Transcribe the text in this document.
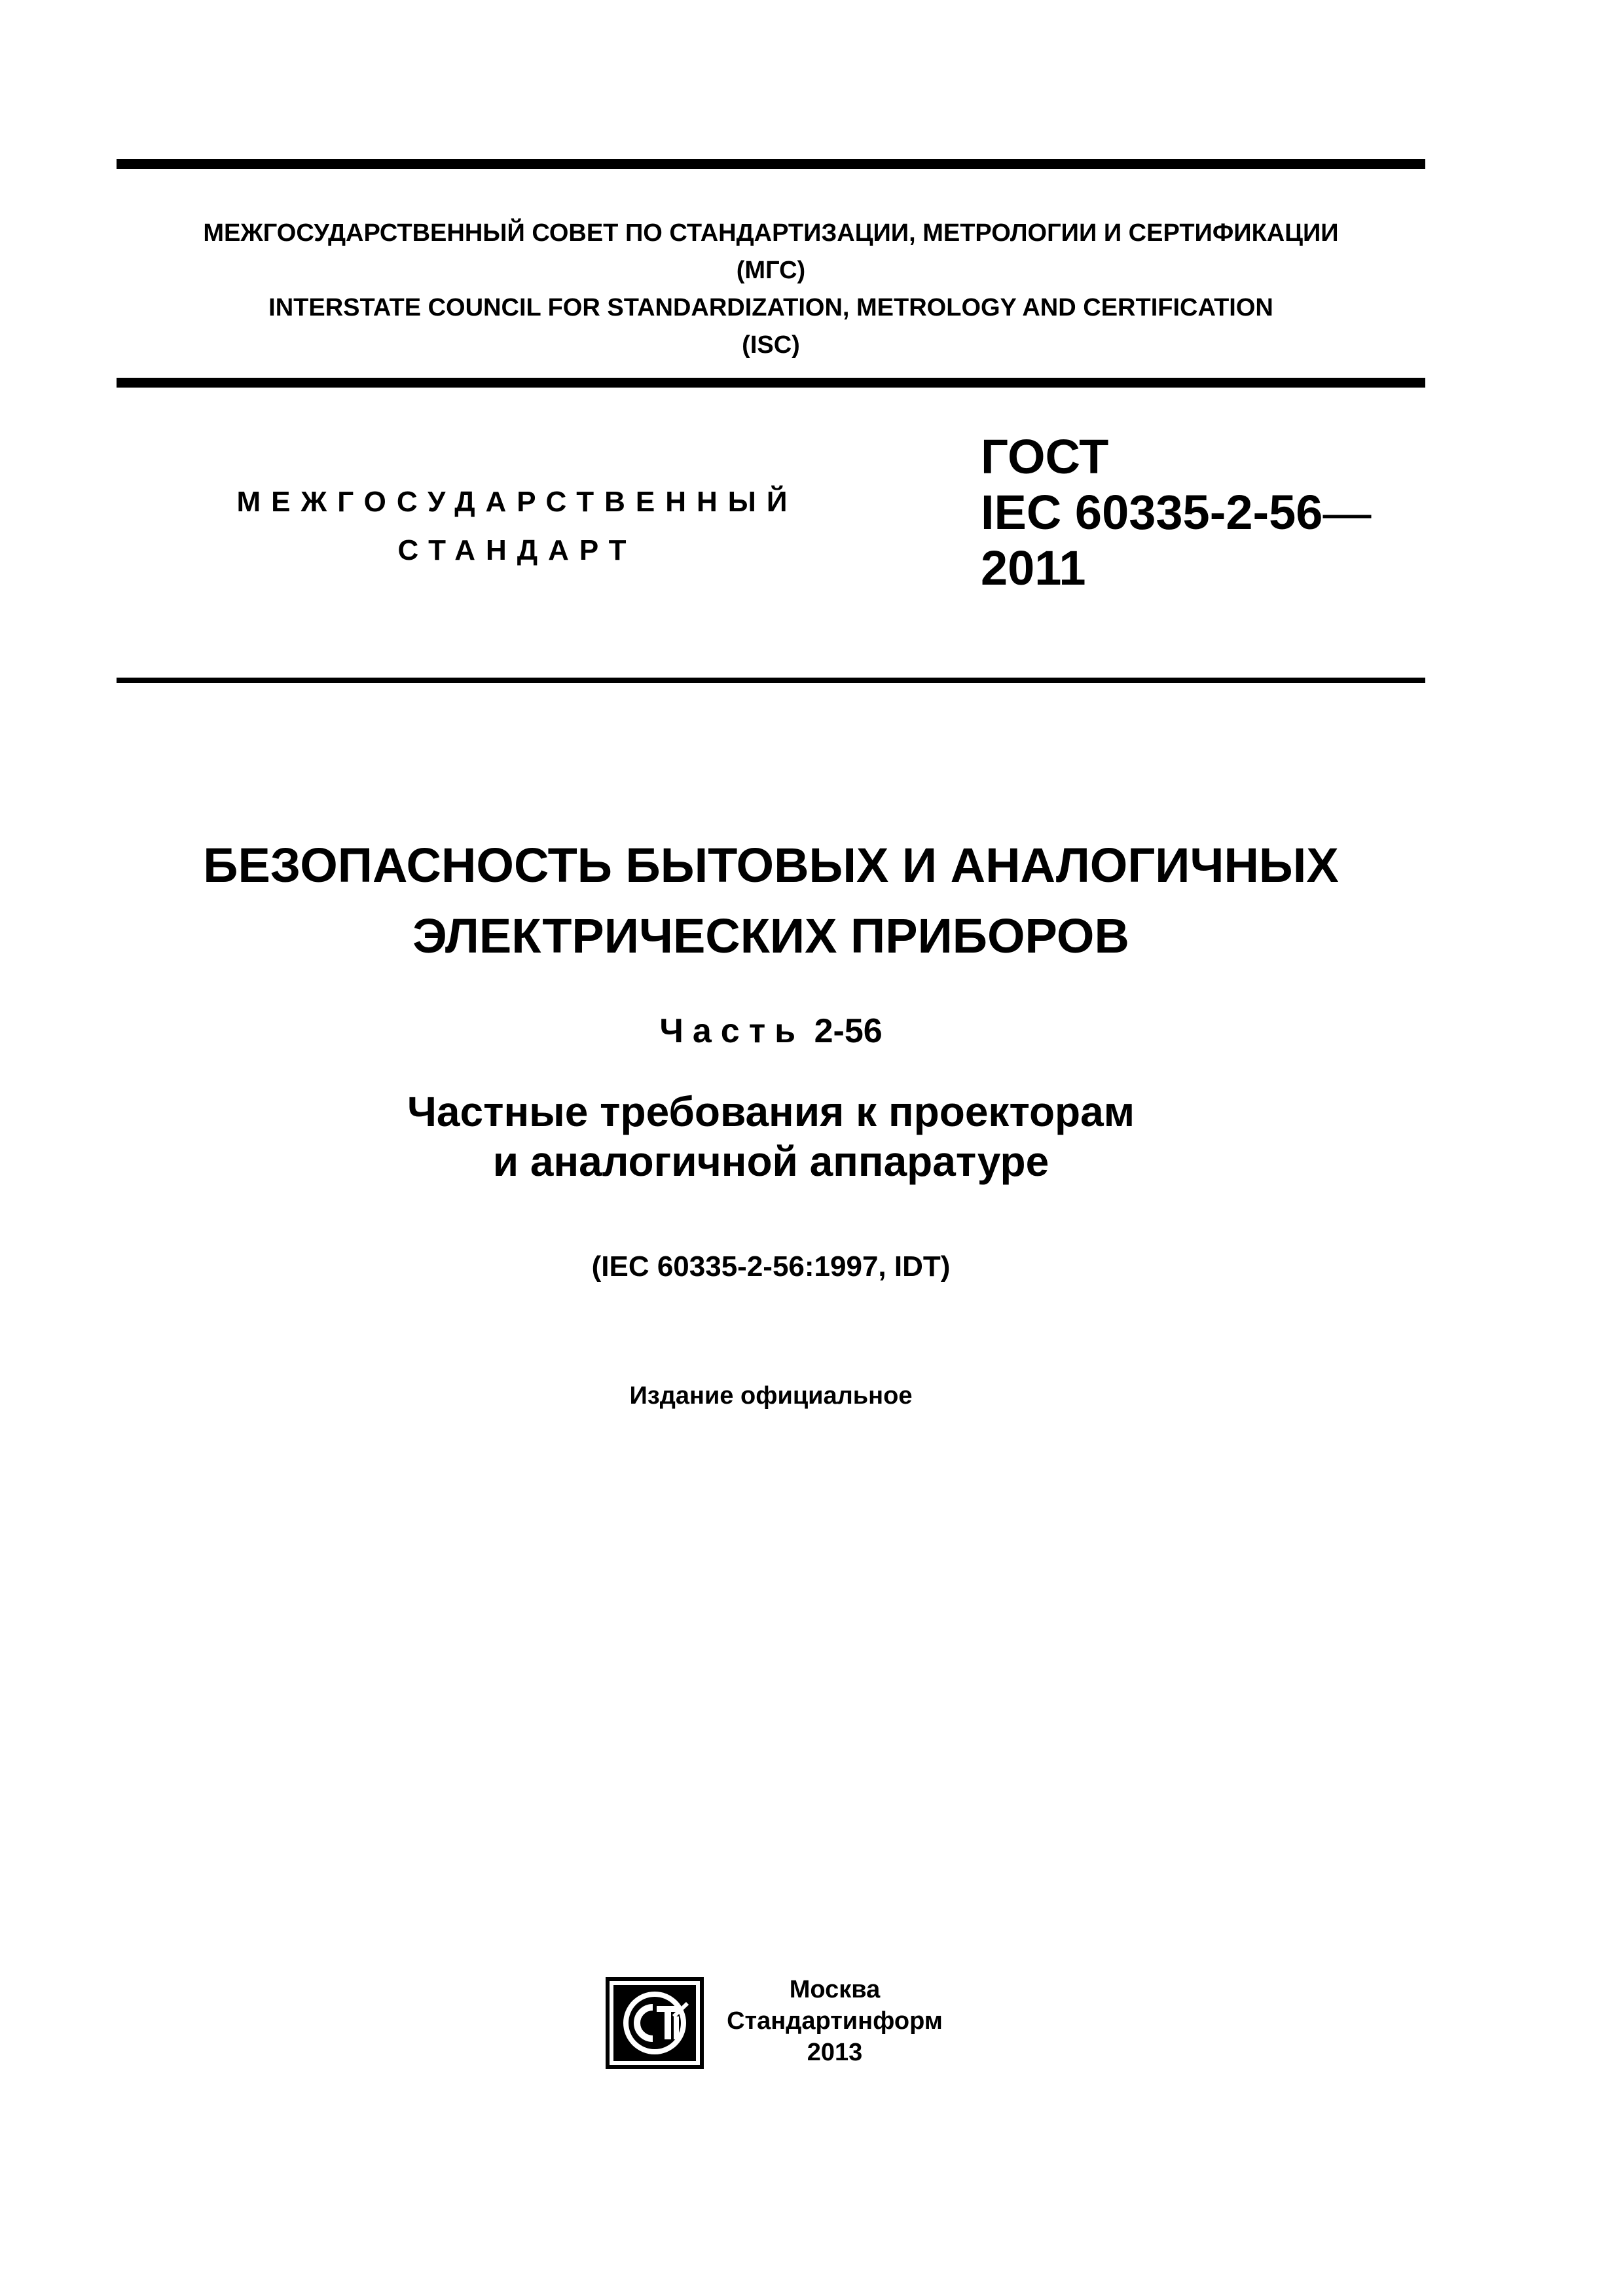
МЕЖГОСУДАРСТВЕННЫЙ СОВЕТ ПО СТАНДАРТИЗАЦИИ, МЕТРОЛОГИИ И СЕРТИФИКАЦИИ
(МГС)
INTERSTATE COUNCIL FOR STANDARDIZATION, METROLOGY AND CERTIFICATION
(ISC)
МЕЖГОСУДАРСТВЕННЫЙ
СТАНДАРТ
ГОСТ
IEC 60335-2-56—
2011
БЕЗОПАСНОСТЬ БЫТОВЫХ И АНАЛОГИЧНЫХ
ЭЛЕКТРИЧЕСКИХ ПРИБОРОВ
Часть 2-56
Частные требования к проекторам
и аналогичной аппаратуре
(IEC 60335-2-56:1997, IDT)
Издание официальное
Москва
Стандартинформ
2013
